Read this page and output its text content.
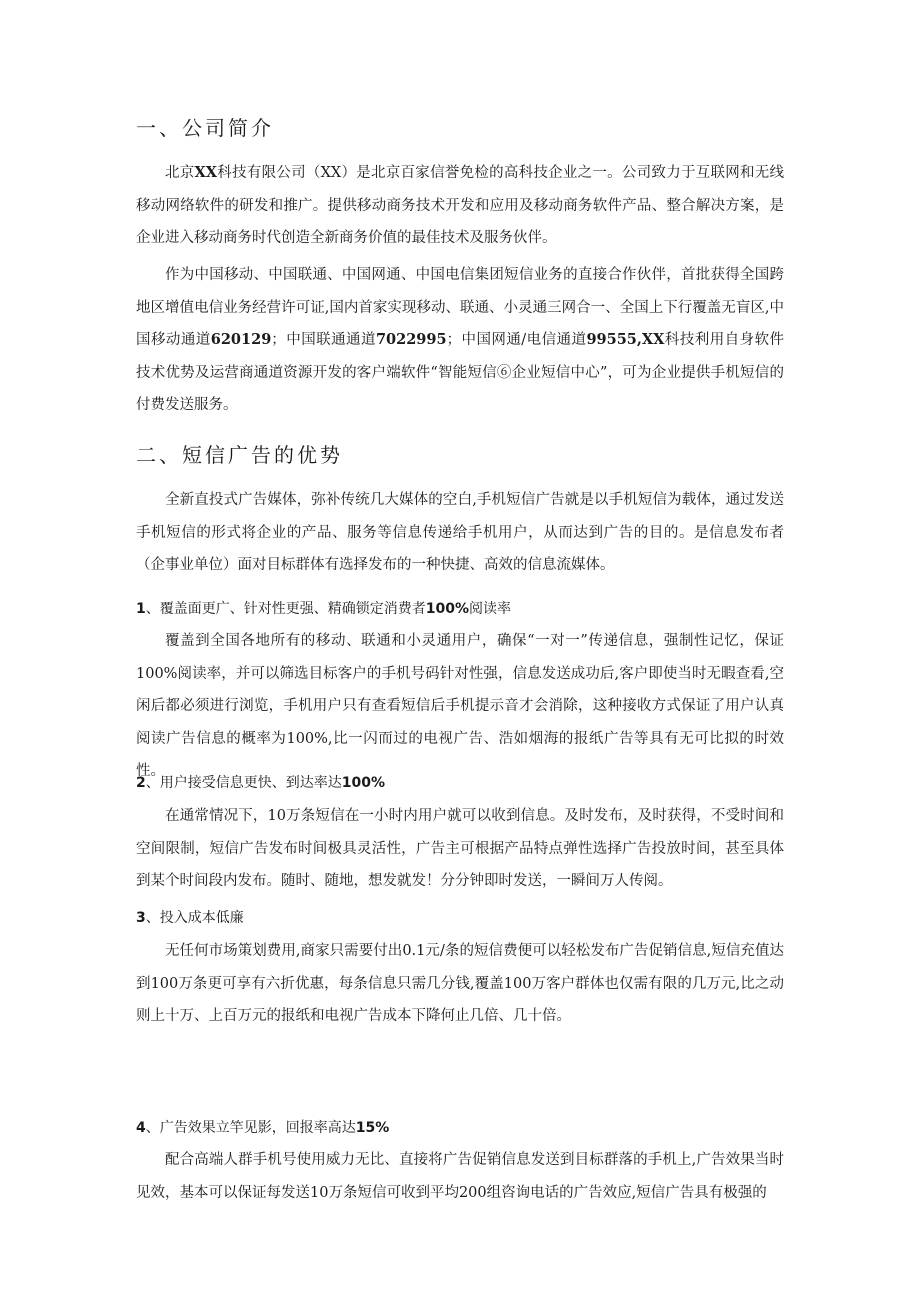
一、公司简介

北京XX科技有限公司（XX）是北京百家信誉免检的高科技企业之一。公司致力于互联网和无线移动网络软件的研发和推广。提供移动商务技术开发和应用及移动商务软件产品、整合解决方案，是企业进入移动商务时代创造全新商务价值的最佳技术及服务伙伴。

作为中国移动、中国联通、中国网通、中国电信集团短信业务的直接合作伙伴，首批获得全国跨地区增值电信业务经营许可证,国内首家实现移动、联通、小灵通三网合一、全国上下行覆盖无盲区,中国移动通道620129；中国联通通道7022995；中国网通/电信通道99555,XX科技利用自身软件技术优势及运营商通道资源开发的客户端软件“智能短信⑥企业短信中心”，可为企业提供手机短信的付费发送服务。

二、短信广告的优势

全新直投式广告媒体，弥补传统几大媒体的空白,手机短信广告就是以手机短信为载体，通过发送手机短信的形式将企业的产品、服务等信息传递给手机用户，从而达到广告的目的。是信息发布者（企事业单位）面对目标群体有选择发布的一种快捷、高效的信息流媒体。

1、覆盖面更广、针对性更强、精确锁定消费者100%阅读率

覆盖到全国各地所有的移动、联通和小灵通用户，确保“一对一”传递信息，强制性记忆，保证100%阅读率，并可以筛选目标客户的手机号码针对性强，信息发送成功后,客户即使当时无暇查看,空闲后都必须进行浏览，手机用户只有查看短信后手机提示音才会消除，这种接收方式保证了用户认真阅读广告信息的概率为100%,比一闪而过的电视广告、浩如烟海的报纸广告等具有无可比拟的时效性。

2、用户接受信息更快、到达率达100%

在通常情况下，10万条短信在一小时内用户就可以收到信息。及时发布，及时获得，不受时间和空间限制，短信广告发布时间极具灵活性，广告主可根据产品特点弹性选择广告投放时间，甚至具体到某个时间段内发布。随时、随地，想发就发！分分钟即时发送，一瞬间万人传阅。

3、投入成本低廉

无任何市场策划费用,商家只需要付出0.1元/条的短信费便可以轻松发布广告促销信息,短信充值达到100万条更可享有六折优惠，每条信息只需几分钱,覆盖100万客户群体也仅需有限的几万元,比之动则上十万、上百万元的报纸和电视广告成本下降何止几倍、几十倍。

4、广告效果立竿见影，回报率高达15%

配合高端人群手机号使用威力无比、直接将广告促销信息发送到目标群落的手机上,广告效果当时见效，基本可以保证每发送10万条短信可收到平均200组咨询电话的广告效应,短信广告具有极强的
